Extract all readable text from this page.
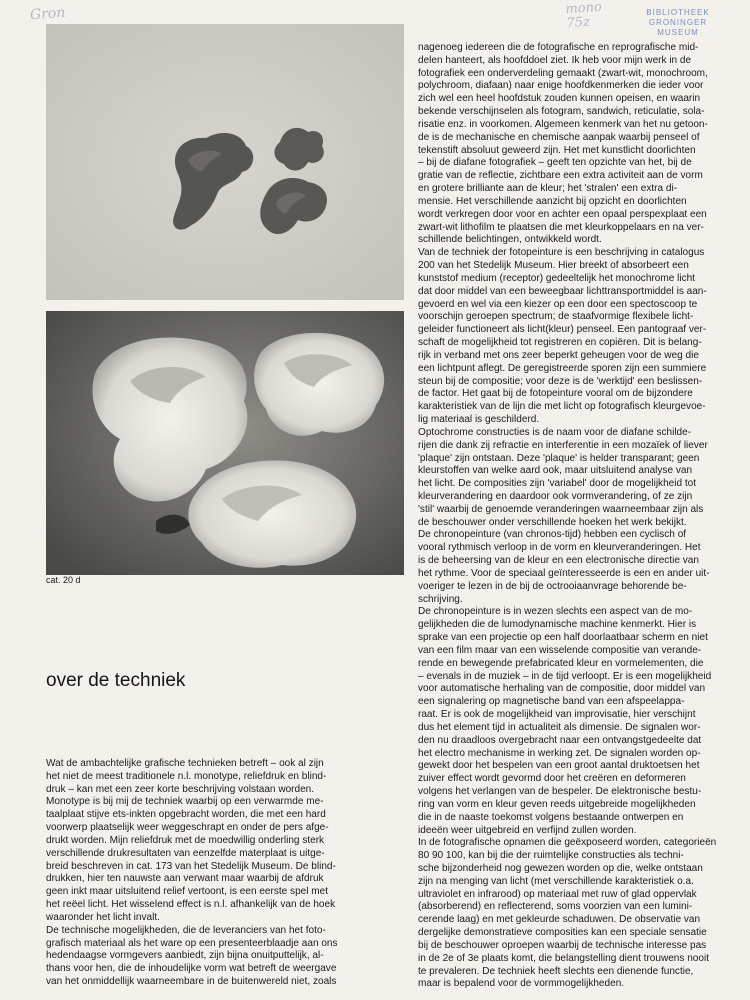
Gron	mono
75z
BIBLIOTHEEK
GRONINGER MUSEUM
cat. 20 d
over de techniek
Wat de ambachtelijke grafische technieken betreft – ook al zijn
het niet de meest traditionele n.l. monotype, reliefdruk en blind-
druk – kan met een zeer korte beschrijving volstaan worden.
Monotype is bij mij de techniek waarbij op een verwarmde me-
taalplaat stijve ets-inkten opgebracht worden, die met een hard
voorwerp plaatselijk weer weggeschrapt en onder de pers afge-
drukt worden. Mijn reliefdruk met de moedwillig onderling sterk
verschillende drukresultaten van eenzelfde materplaat is uitge-
breid beschreven in cat. 173 van het Stedelijk Museum. De blind-
drukken, hier ten nauwste aan verwant maar waarbij de afdruk
geen inkt maar uitsluitend relief vertoont, is een eerste spel met
het reëel licht. Het wisselend effect is n.l. afhankelijk van de hoek
waaronder het licht invalt.
De technische mogelijkheden, die de leveranciers van het foto-
grafisch materiaal als het ware op een presenteerblaadje aan ons
hedendaagse vormgevers aanbiedt, zijn bijna onuitputtelijk, al-
thans voor hen, die de inhoudelijke vorm wat betreft de weergave
van het onmiddellijk waarneembare in de buitenwereld niet, zoals
nagenoeg iedereen die de fotografische en reprografische mid-
delen hanteert, als hoofddoel ziet. Ik heb voor mijn werk in de
fotografiek een onderverdeling gemaakt (zwart-wit, monochroom,
polychroom, diafaan) naar enige hoofdkenmerken die ieder voor
zich wel een heel hoofdstuk zouden kunnen opeisen, en waarin
bekende verschijnselen als fotogram, sandwich, reticulatie, sola-
risatie enz. in voorkomen. Algemeen kenmerk van het nu getoon-
de is de mechanische en chemische aanpak waarbij penseel of
tekenstift absoluut geweerd zijn. Het met kunstlicht doorlichten
– bij de diafane fotografiek – geeft ten opzichte van het, bij de
gratie van de reflectie, zichtbare een extra activiteit aan de vorm
en grotere brilliante aan de kleur; het 'stralen' een extra di-
mensie. Het verschillende aanzicht bij opzicht en doorlichten
wordt verkregen door voor en achter een opaal perspexplaat een
zwart-wit lithofilm te plaatsen die met kleurkoppelaars en na ver-
schillende belichtingen, ontwikkeld wordt.
Van de techniek der fotopeinture is een beschrijving in catalogus
200 van het Stedelijk Museum. Hier breekt of absorbeert een
kunststof medium (receptor) gedeeltelijk het monochrome licht
dat door middel van een beweegbaar lichttransportmiddel is aan-
gevoerd en wel via een kiezer op een door een spectoscoop te
voorschijn geroepen spectrum; de staafvormige flexibele licht-
geleider functioneert als licht(kleur) penseel. Een pantograaf ver-
schaft de mogelijkheid tot registreren en copiëren. Dit is belang-
rijk in verband met ons zeer beperkt geheugen voor de weg die
een lichtpunt aflegt. De geregistreerde sporen zijn een summiere
steun bij de compositie; voor deze is de 'werktijd' een beslissen-
de factor. Het gaat bij de fotopeinture vooral om de bijzondere
karakteristiek van de lijn die met licht op fotografisch kleurgevoe-
lig materiaal is geschilderd.
Optochrome constructies is de naam voor de diafane schilde-
rijen die dank zij refractie en interferentie in een mozaïek of liever
'plaque' zijn ontstaan. Deze 'plaque' is helder transparant; geen
kleurstoffen van welke aard ook, maar uitsluitend analyse van
het licht. De composities zijn 'variabel' door de mogelijkheid tot
kleurverandering en daardoor ook vormverandering, of ze zijn
'stil' waarbij de genoemde veranderingen waarneembaar zijn als
de beschouwer onder verschillende hoeken het werk bekijkt.
De chronopeinture (van chronos-tijd) hebben een cyclisch of
vooral rythmisch verloop in de vorm en kleurveranderingen. Het
is de beheersing van de kleur en een electronische directie van
het rythme. Voor de speciaal geïnteresseerde is een en ander uit-
voeriger te lezen in de bij de octrooiaanvrage behorende be-
schrijving.
De chronopeinture is in wezen slechts een aspect van de mo-
gelijkheden die de lumodynamische machine kenmerkt. Hier is
sprake van een projectie op een half doorlaatbaar scherm en niet
van een film maar van een wisselende compositie van verande-
rende en bewegende prefabricated kleur en vormelementen, die
– evenals in de muziek – in de tijd verloopt. Er is een mogelijkheid
voor automatische herhaling van de compositie, door middel van
een signalering op magnetische band van een afspeelappa-
raat. Er is ook de mogelijkheid van improvisatie, hier verschijnt
dus het element tijd in actualiteit als dimensie. De signalen wor-
den nu draadloos overgebracht naar een ontvangstgedeelte dat
het electro mechanisme in werking zet. De signalen worden op-
gewekt door het bespelen van een groot aantal druktoetsen het
zuiver effect wordt gevormd door het creëren en deformeren
volgens het verlangen van de bespeler. De elektronische bestu-
ring van vorm en kleur geven reeds uitgebreide mogelijkheden
die in de naaste toekomst volgens bestaande ontwerpen en
ideeën weer uitgebreid en verfijnd zullen worden.
In de fotografische opnamen die geëxposeerd worden, categorieën
80 90 100, kan bij die der ruimtelijke constructies als techni-
sche bijzonderheid nog gewezen worden op die, welke ontstaan
zijn na menging van licht (met verschillende karakteristiek o.a.
ultraviolet en infrarood) op materiaal met ruw of glad oppervlak
(absorberend) en reflecterend, soms voorzien van een lumini-
cerende laag) en met gekleurde schaduwen. De observatie van
dergelijke demonstratieve composities kan een speciale sensatie
bij de beschouwer oproepen waarbij de technische interesse pas
in de 2e of 3e plaats komt, die belangstelling dient trouwens nooit
te prevaleren. De techniek heeft slechts een dienende functie,
maar is bepalend voor de vormmogelijkheden.
